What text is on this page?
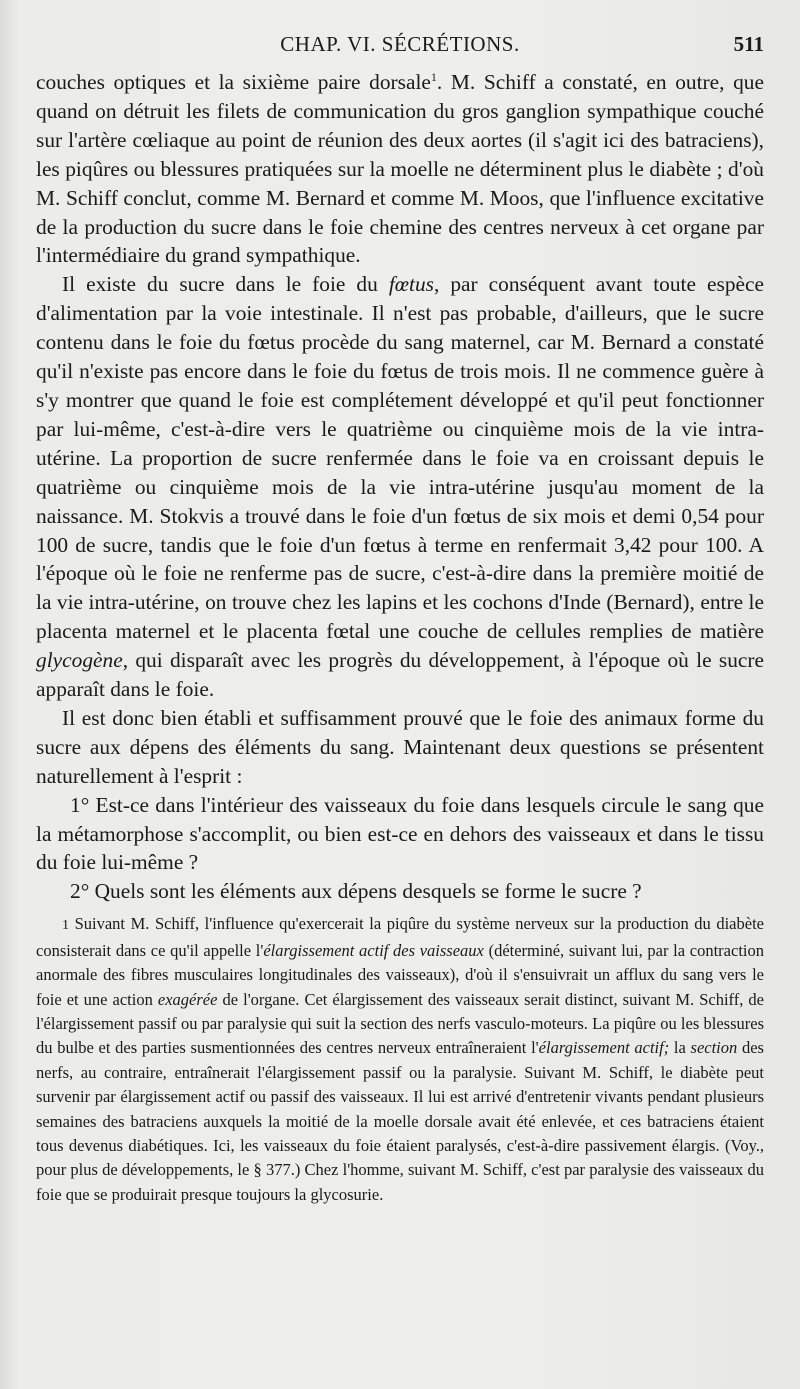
CHAP. VI. SÉCRÉTIONS.	511

couches optiques et la sixième paire dorsale$^1$. M. Schiff a constaté, en outre, que quand on détruit les filets de communication du gros ganglion sympathique couché sur l'artère cœliaque au point de réunion des deux aortes (il s'agit ici des batraciens), les piqûres ou blessures pratiquées sur la moelle ne déterminent plus le diabète ; d'où M. Schiff conclut, comme M. Bernard et comme M. Moos, que l'influence excitative de la production du sucre dans le foie chemine des centres nerveux à cet organe par l'intermédiaire du grand sympathique.

Il existe du sucre dans le foie du fœtus, par conséquent avant toute espèce d'alimentation par la voie intestinale. Il n'est pas probable, d'ailleurs, que le sucre contenu dans le foie du fœtus procède du sang maternel, car M. Bernard a constaté qu'il n'existe pas encore dans le foie du fœtus de trois mois. Il ne commence guère à s'y montrer que quand le foie est complétement développé et qu'il peut fonctionner par lui-même, c'est-à-dire vers le quatrième ou cinquième mois de la vie intra-utérine. La proportion de sucre renfermée dans le foie va en croissant depuis le quatrième ou cinquième mois de la vie intra-utérine jusqu'au moment de la naissance. M. Stokvis a trouvé dans le foie d'un fœtus de six mois et demi 0,54 pour 100 de sucre, tandis que le foie d'un fœtus à terme en renfermait 3,42 pour 100. A l'époque où le foie ne renferme pas de sucre, c'est-à-dire dans la première moitié de la vie intra-utérine, on trouve chez les lapins et les cochons d'Inde (Bernard), entre le placenta maternel et le placenta fœtal une couche de cellules remplies de matière glycogène, qui disparaît avec les progrès du développement, à l'époque où le sucre apparaît dans le foie.

Il est donc bien établi et suffisamment prouvé que le foie des animaux forme du sucre aux dépens des éléments du sang. Maintenant deux questions se présentent naturellement à l'esprit :

1° Est-ce dans l'intérieur des vaisseaux du foie dans lesquels circule le sang que la métamorphose s'accomplit, ou bien est-ce en dehors des vaisseaux et dans le tissu du foie lui-même ?

2° Quels sont les éléments aux dépens desquels se forme le sucre ?

1 Suivant M. Schiff, l'influence qu'exercerait la piqûre du système nerveux sur la production du diabète consisterait dans ce qu'il appelle l'élargissement actif des vaisseaux (déterminé, suivant lui, par la contraction anormale des fibres musculaires longitudinales des vaisseaux), d'où il s'ensuivrait un afflux du sang vers le foie et une action exagérée de l'organe. Cet élargissement des vaisseaux serait distinct, suivant M. Schiff, de l'élargissement passif ou par paralysie qui suit la section des nerfs vasculo-moteurs. La piqûre ou les blessures du bulbe et des parties susmentionnées des centres nerveux entraîneraient l'élargissement actif; la section des nerfs, au contraire, entraînerait l'élargissement passif ou la paralysie. Suivant M. Schiff, le diabète peut survenir par élargissement actif ou passif des vaisseaux. Il lui est arrivé d'entretenir vivants pendant plusieurs semaines des batraciens auxquels la moitié de la moelle dorsale avait été enlevée, et ces batraciens étaient tous devenus diabétiques. Ici, les vaisseaux du foie étaient paralysés, c'est-à-dire passivement élargis. (Voy., pour plus de développements, le § 377.) Chez l'homme, suivant M. Schiff, c'est par paralysie des vaisseaux du foie que se produirait presque toujours la glycosurie.
